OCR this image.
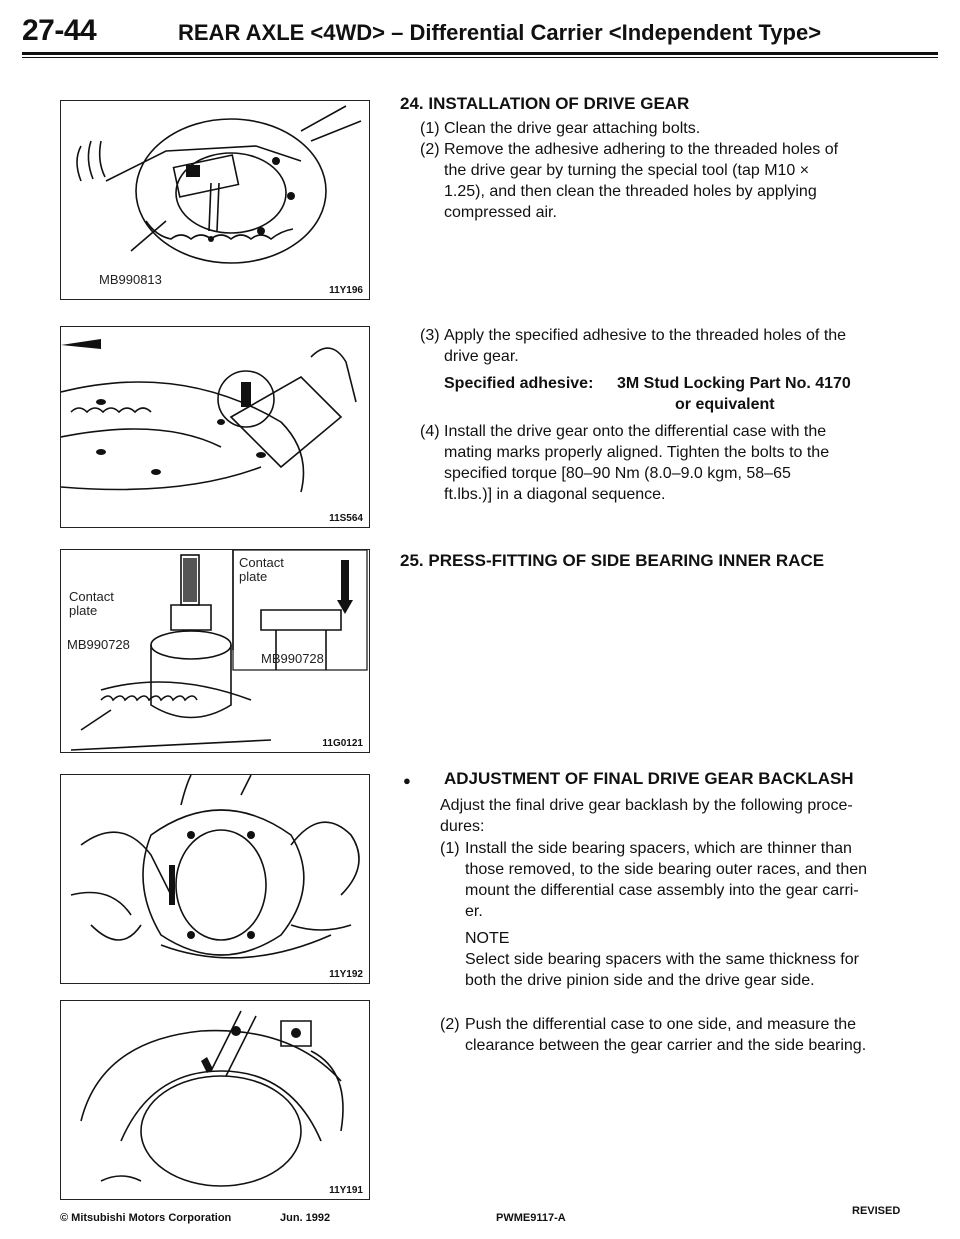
27-44	REAR AXLE <4WD> – Differential Carrier <Independent Type>
MB990813
11Y196
11S564
Contact
plate
MB990728
Contact
plate
MB990728
11G0121
11Y192
11Y191
24. INSTALLATION OF DRIVE GEAR
(1) Clean the drive gear attaching bolts.
(2) Remove the adhesive adhering to the threaded holes of
the drive gear by turning the special tool (tap M10 ×
1.25), and then clean the threaded holes by applying
compressed air.
(3) Apply the specified adhesive to the threaded holes of the
drive gear.
Specified adhesive: 3M Stud Locking Part No. 4170
or equivalent
(4) Install the drive gear onto the differential case with the
mating marks properly aligned. Tighten the bolts to the
specified torque [80–90 Nm (8.0–9.0 kgm, 58–65
ft.lbs.)] in a diagonal sequence.
25. PRESS-FITTING OF SIDE BEARING INNER RACE
● ADJUSTMENT OF FINAL DRIVE GEAR BACKLASH
Adjust the final drive gear backlash by the following proce-
dures:
(1) Install the side bearing spacers, which are thinner than
those removed, to the side bearing outer races, and then
mount the differential case assembly into the gear carri-
er.
NOTE
Select side bearing spacers with the same thickness for
both the drive pinion side and the drive gear side.
(2) Push the differential case to one side, and measure the
clearance between the gear carrier and the side bearing.
© Mitsubishi Motors Corporation	Jun. 1992	PWME9117-A
REVISED
